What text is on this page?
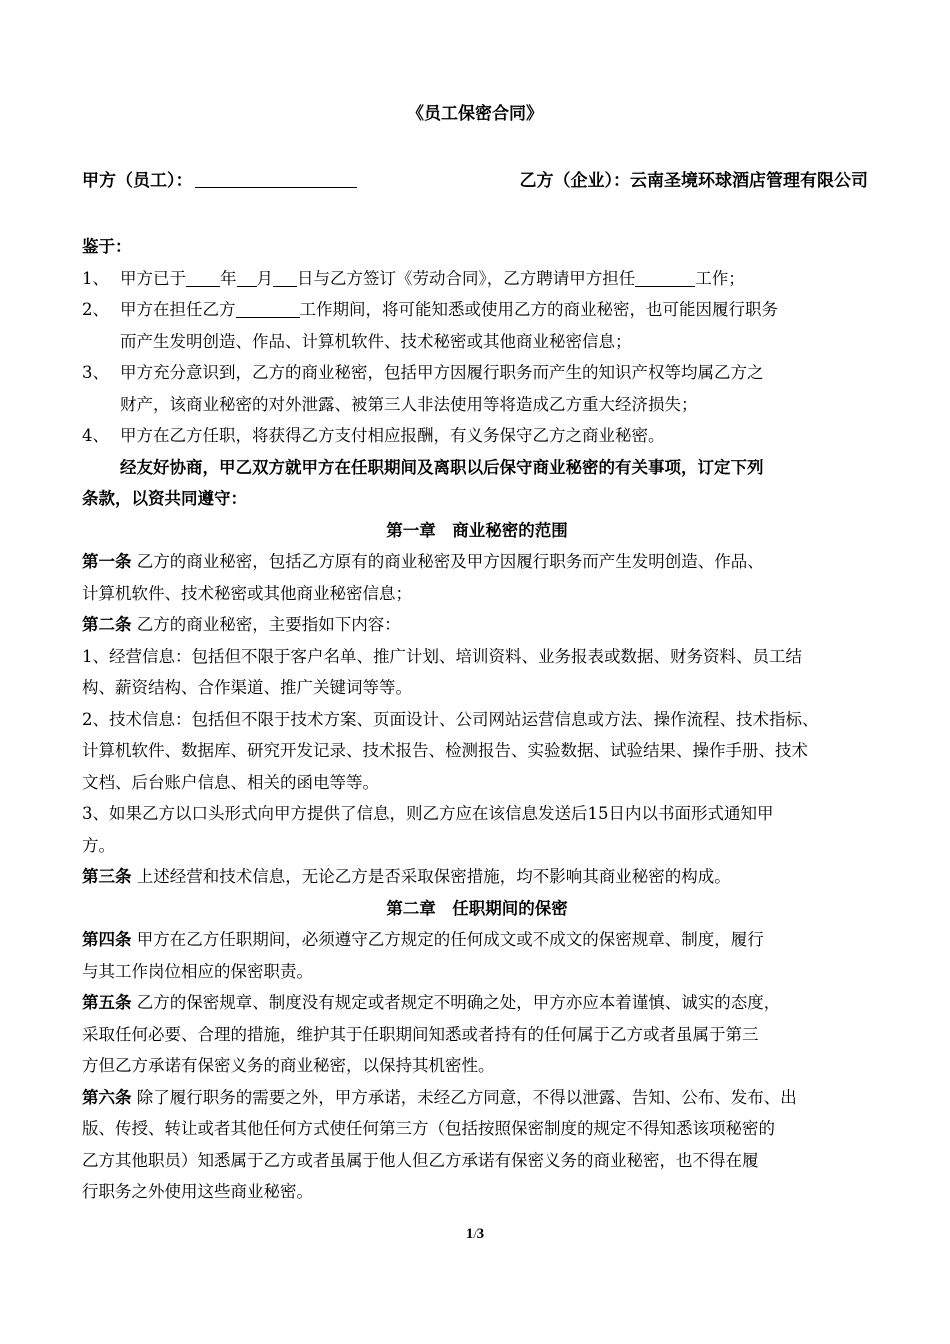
《员工保密合同》
甲方（员工）：	乙方（企业）：云南圣境环球酒店管理有限公司
鉴于：
1、 甲方已于 年 月 日与乙方签订《劳动合同》，乙方聘请甲方担任	工作；
2、 甲方在担任乙方	工作期间，将可能知悉或使用乙方的商业秘密，也可能因履行职务
而产生发明创造、作品、计算机软件、技术秘密或其他商业秘密信息；
3、 甲方充分意识到，乙方的商业秘密，包括甲方因履行职务而产生的知识产权等均属乙方之
财产，该商业秘密的对外泄露、被第三人非法使用等将造成乙方重大经济损失；
4、 甲方在乙方任职，将获得乙方支付相应报酬，有义务保守乙方之商业秘密。
经友好协商，甲乙双方就甲方在任职期间及离职以后保守商业秘密的有关事项，订定下列
条款，以资共同遵守：
第一章　商业秘密的范围
第一条 乙方的商业秘密，包括乙方原有的商业秘密及甲方因履行职务而产生发明创造、作品、
计算机软件、技术秘密或其他商业秘密信息；
第二条 乙方的商业秘密，主要指如下内容：
1、经营信息：包括但不限于客户名单、推广计划、培训资料、业务报表或数据、财务资料、员工结
构、薪资结构、合作渠道、推广关键词等等。
2、技术信息：包括但不限于技术方案、页面设计、公司网站运营信息或方法、操作流程、技术指标、
计算机软件、数据库、研究开发记录、技术报告、检测报告、实验数据、试验结果、操作手册、技术
文档、后台账户信息、相关的函电等等。
3、如果乙方以口头形式向甲方提供了信息，则乙方应在该信息发送后15日内以书面形式通知甲
方。
第三条 上述经营和技术信息，无论乙方是否采取保密措施，均不影响其商业秘密的构成。
第二章　任职期间的保密
第四条 甲方在乙方任职期间，必须遵守乙方规定的任何成文或不成文的保密规章、制度，履行
与其工作岗位相应的保密职责。
第五条 乙方的保密规章、制度没有规定或者规定不明确之处，甲方亦应本着谨慎、诚实的态度，
采取任何必要、合理的措施，维护其于任职期间知悉或者持有的任何属于乙方或者虽属于第三
方但乙方承诺有保密义务的商业秘密，以保持其机密性。
第六条 除了履行职务的需要之外，甲方承诺，未经乙方同意，不得以泄露、告知、公布、发布、出
版、传授、转让或者其他任何方式使任何第三方（包括按照保密制度的规定不得知悉该项秘密的
乙方其他职员）知悉属于乙方或者虽属于他人但乙方承诺有保密义务的商业秘密，也不得在履
行职务之外使用这些商业秘密。
1/3
